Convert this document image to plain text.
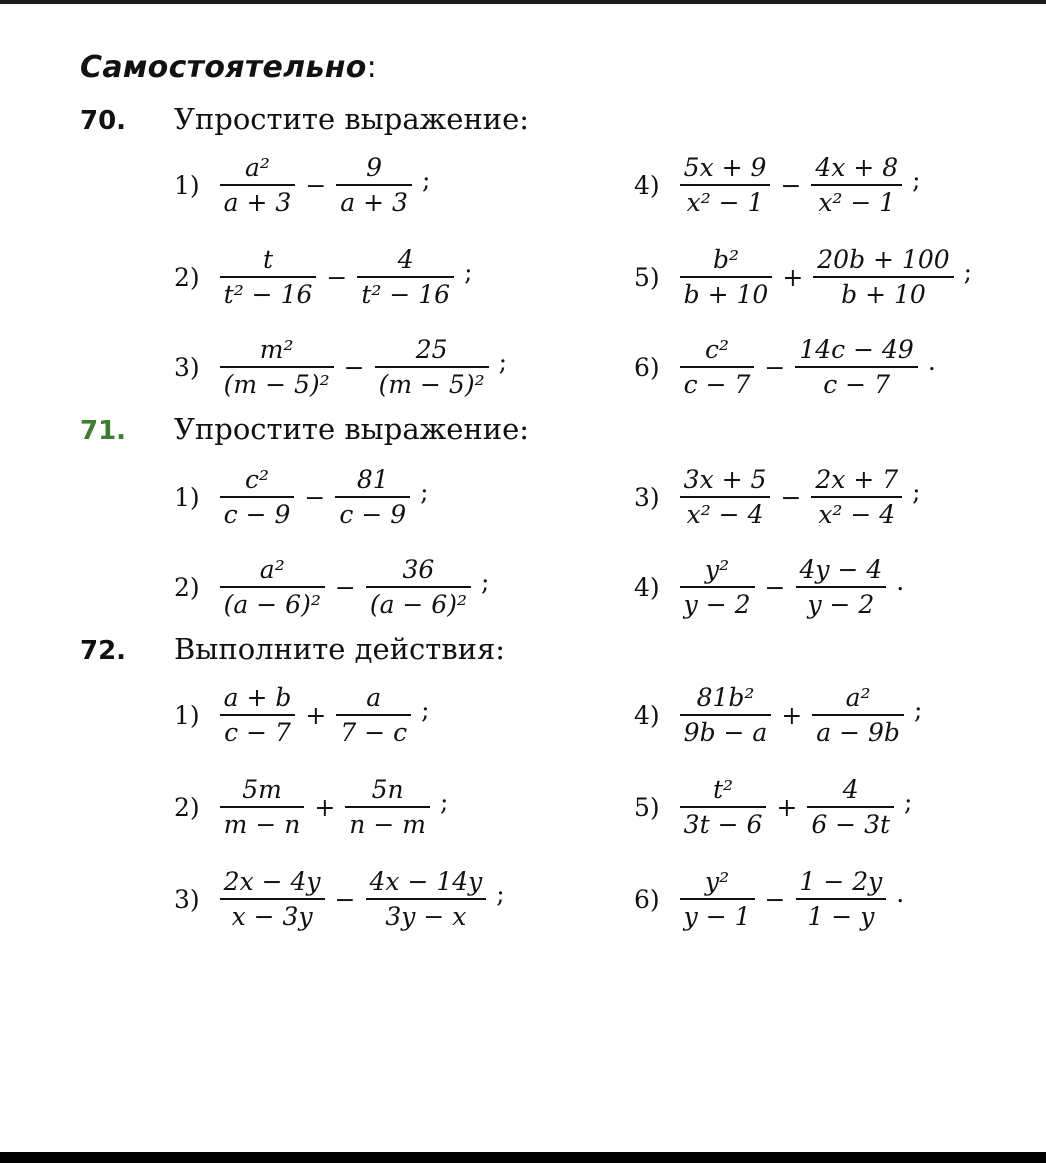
Самостоятельно:
70. Упростите выражение:
$1) \frac{\text{a²}}{a + 3} - \frac{9}{a + 3}$ ;
$2) \frac{t}{\text{t² − 16}} - \frac{4}{\text{t² − 16}}$ ;
$3) \frac{\text{m²}}{\text{(m − 5)²}} - \frac{25}{\text{(m − 5)²}}$ ;
$4) \frac{5x + 9}{\text{x² − 1}} - \frac{4x + 8}{\text{x² − 1}}$ ;
$5) \frac{\text{b²}}{b + 10} + \frac{20b + 100}{b + 10}$ ;
$6) \frac{\text{c²}}{c - 7} - \frac{14c - 49}{c - 7}$ .
71. Упростите выражение:
$1) \frac{\text{c²}}{c - 9} - \frac{81}{c - 9}$ ;
$2) \frac{\text{a²}}{\text{(a − 6)²}} - \frac{36}{\text{(a − 6)²}}$ ;
$3) \frac{3x + 5}{\text{x² − 4}} - \frac{2x + 7}{\text{x² − 4}}$ ;
$4) \frac{\text{y²}}{y - 2} - \frac{4y - 4}{y - 2}$ .
72. Выполните действия:
$1) \frac{a + b}{c - 7} + \frac{a}{7 - c}$ ;
$2) \frac{5m}{m - n} + \frac{5n}{n - m}$ ;
$3) \frac{2x - 4y}{x - 3y} - \frac{4x - 14y}{3y - x}$ ;
$4) \frac{\text{81b²}}{9b - a} + \frac{\text{a²}}{a - 9b}$ ;
$5) \frac{\text{t²}}{3t - 6} + \frac{4}{6 - 3t}$ ;
$6) \frac{\text{y²}}{y - 1} - \frac{1 - 2y}{1 - y}$ .
